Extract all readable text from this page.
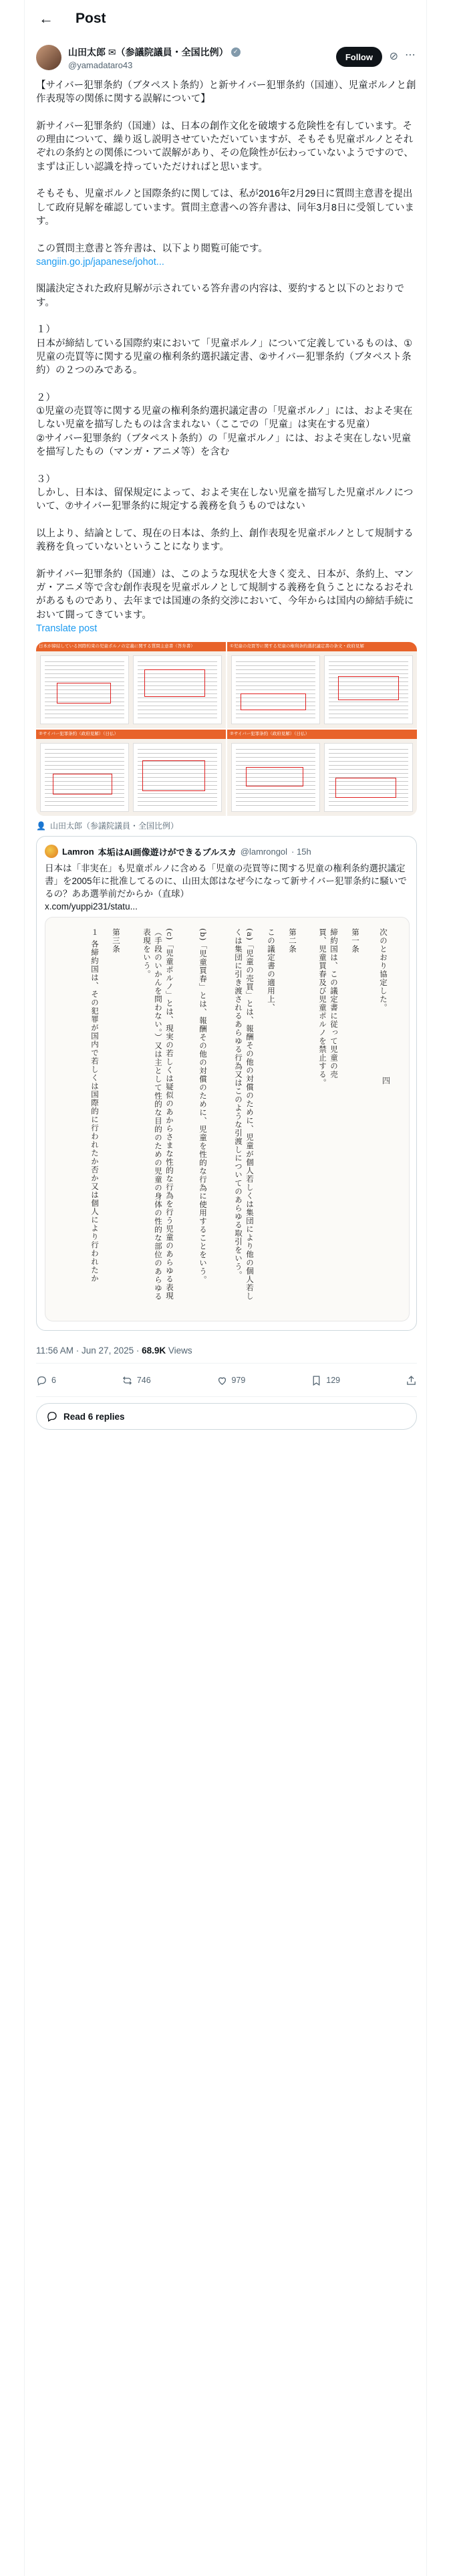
←	Post
山田太郎 ✉（参議院議員・全国比例） ✓
@yamadataro43
Follow	⊘ ⋯
【サイバー犯罪条約（ブタペスト条約）と新サイバー犯罪条約（国連）、児童ポルノと創作表現等の関係に関する誤解について】

新サイバー犯罪条約（国連）は、日本の創作文化を破壊する危険性を有しています。その理由について、繰り返し説明させていただいていますが、そもそも児童ポルノとそれぞれの条約との関係について誤解があり、その危険性が伝わっていないようですので、まずは正しい認識を持っていただければと思います。

そもそも、児童ポルノと国際条約に関しては、私が2016年2月29日に質問主意書を提出して政府見解を確認しています。質問主意書への答弁書は、同年3月8日に受領しています。

この質問主意書と答弁書は、以下より閲覧可能です。
sangiin.go.jp/japanese/johot...

閣議決定された政府見解が示されている答弁書の内容は、要約すると以下のとおりです。

１）
日本が締結している国際約束において「児童ポルノ」について定義しているものは、①児童の売買等に関する児童の権利条約選択議定書、②サイバー犯罪条約（ブタペスト条約）の２つのみである。

２）
①児童の売買等に関する児童の権利条約選択議定書の「児童ポルノ」には、およそ実在しない児童を描写したものは含まれない（ここでの「児童」は実在する児童）
②サイバー犯罪条約（ブタペスト条約）の「児童ポルノ」には、およそ実在しない児童を描写したもの（マンガ・アニメ等）を含む

３）
しかし、日本は、留保規定によって、およそ実在しない児童を描写した児童ポルノについて、⑦サイバー犯罪条約に規定する義務を負うものではない

以上より、結論として、現在の日本は、条約上、創作表現を児童ポルノとして規制する義務を負っていないということになります。

新サイバー犯罪条約（国連）は、このような現状を大きく変え、日本が、条約上、マンガ・アニメ等で含む創作表現を児童ポルノとして規制する義務を負うことになるおそれがあるものであり、去年までは国連の条約交渉において、今年からは国内の締結手続において闘ってきています。
Translate post
日本が締結している国際約束の児童ポルノの定義に関する質問主意書（答弁書）	①児童の売買等に関する児童の権利条約選択議定書の条文・政府見解
②サイバー犯罪条約（政府見解）（日仏）	②サイバー犯罪条約（政府見解）（日仏）
👤 山田太郎（参議院議員・全国比例）
Lamron 本垢はAI画像遊けができるブルスカ @lamrongol · 15h
日本は「非実在」も児童ポルノに含める「児童の売買等に関する児童の権利条約選択議定書」を2005年に批准してるのに、山田太郎はなぜ今になって新サイバー犯罪条約に騒いでるの？ああ選挙前だからか（直球）
x.com/yuppi231/statu...
次のとおり協定した。
第一条
締約国は、この議定書に従って児童の売買、児童買春及び児童ポルノを禁止する。
第二条
この議定書の適用上、
(a)「児童の売買」とは、報酬その他の対償のために、児童が個人若しくは集団により他の個人若しくは集団に引き渡されるあらゆる行為又はこのような引渡しについてのあらゆる取引をいう。
(b)「児童買春」とは、報酬その他の対償のために、児童を性的な行為に使用することをいう。
(c)「児童ポルノ」とは、現実の若しくは疑似のあからさまな性的な行為を行う児童のあらゆる表現（手段のいかんを問わない。）又は主として性的な目的のための児童の身体の性的な部位のあらゆる表現をいう。
第三条
１ 各締約国は、その犯罪が国内で若しくは国際的に行われたか否か又は個人により行われたか	四
11:56 AM · Jun 27, 2025 · 68.9K Views
6	746	979	129
Read 6 replies
